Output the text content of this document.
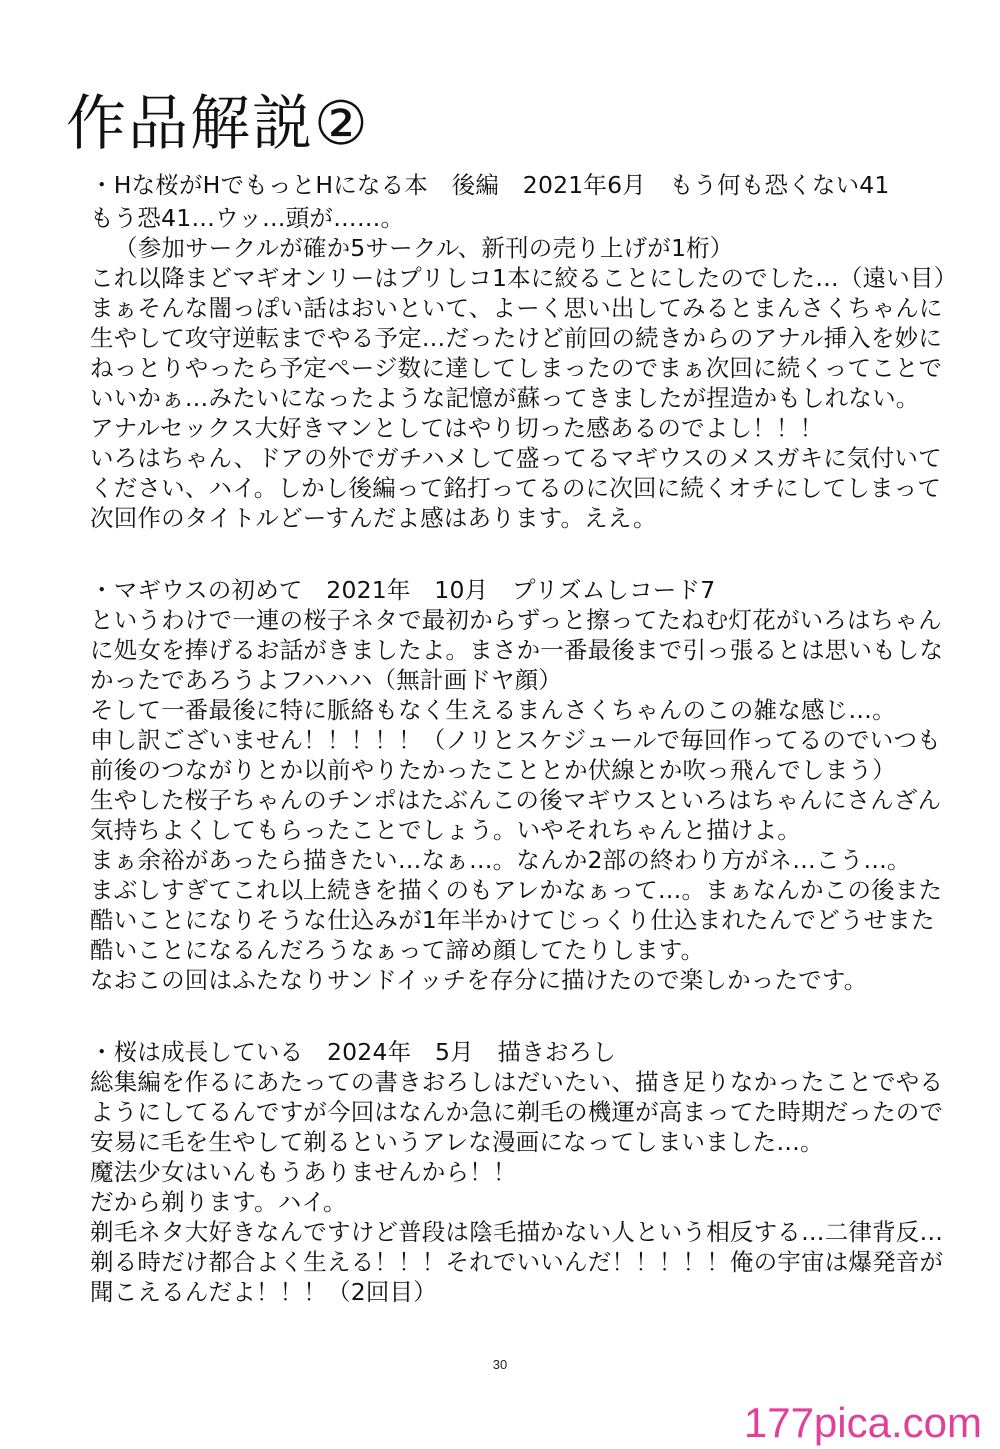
作品解説②
・Hな桜がHでもっとHになる本　後編　2021年6月　もう何も恐くない41
もう恐41…ウッ…頭が……。
（参加サークルが確か5サークル、新刊の売り上げが1桁）
これ以降まどマギオンリーはプリしコ1本に絞ることにしたのでした…（遠い目）
まぁそんな闇っぽい話はおいといて、よーく思い出してみるとまんさくちゃんに
生やして攻守逆転までやる予定…だったけど前回の続きからのアナル挿入を妙に
ねっとりやったら予定ページ数に達してしまったのでまぁ次回に続くってことで
いいかぁ…みたいになったような記憶が蘇ってきましたが捏造かもしれない。
アナルセックス大好きマンとしてはやり切った感あるのでよし！！！
いろはちゃん、ドアの外でガチハメして盛ってるマギウスのメスガキに気付いて
ください、ハイ。しかし後編って銘打ってるのに次回に続くオチにしてしまって
次回作のタイトルどーすんだよ感はあります。ええ。
・マギウスの初めて　2021年　10月　プリズムしコード7
というわけで一連の桜子ネタで最初からずっと擦ってたねむ灯花がいろはちゃん
に処女を捧げるお話がきましたよ。まさか一番最後まで引っ張るとは思いもしな
かったであろうよフハハハ（無計画ドヤ顔）
そして一番最後に特に脈絡もなく生えるまんさくちゃんのこの雑な感じ…。
申し訳ございません！！！！！（ノリとスケジュールで毎回作ってるのでいつも
前後のつながりとか以前やりたかったこととか伏線とか吹っ飛んでしまう）
生やした桜子ちゃんのチンポはたぶんこの後マギウスといろはちゃんにさんざん
気持ちよくしてもらったことでしょう。いやそれちゃんと描けよ。
まぁ余裕があったら描きたい…なぁ…。なんか2部の終わり方がネ…こう…。
まぶしすぎてこれ以上続きを描くのもアレかなぁって…。まぁなんかこの後また
酷いことになりそうな仕込みが1年半かけてじっくり仕込まれたんでどうせまた
酷いことになるんだろうなぁって諦め顔してたりします。
なおこの回はふたなりサンドイッチを存分に描けたので楽しかったです。
・桜は成長している　2024年　5月　描きおろし
総集編を作るにあたっての書きおろしはだいたい、描き足りなかったことでやる
ようにしてるんですが今回はなんか急に剃毛の機運が高まってた時期だったので
安易に毛を生やして剃るというアレな漫画になってしまいました…。
魔法少女はいんもうありませんから！！
だから剃ります。ハイ。
剃毛ネタ大好きなんですけど普段は陰毛描かない人という相反する…二律背反…
剃る時だけ都合よく生える！！！それでいいんだ！！！！！俺の宇宙は爆発音が
聞こえるんだよ！！！（2回目）
30
177pica.com
